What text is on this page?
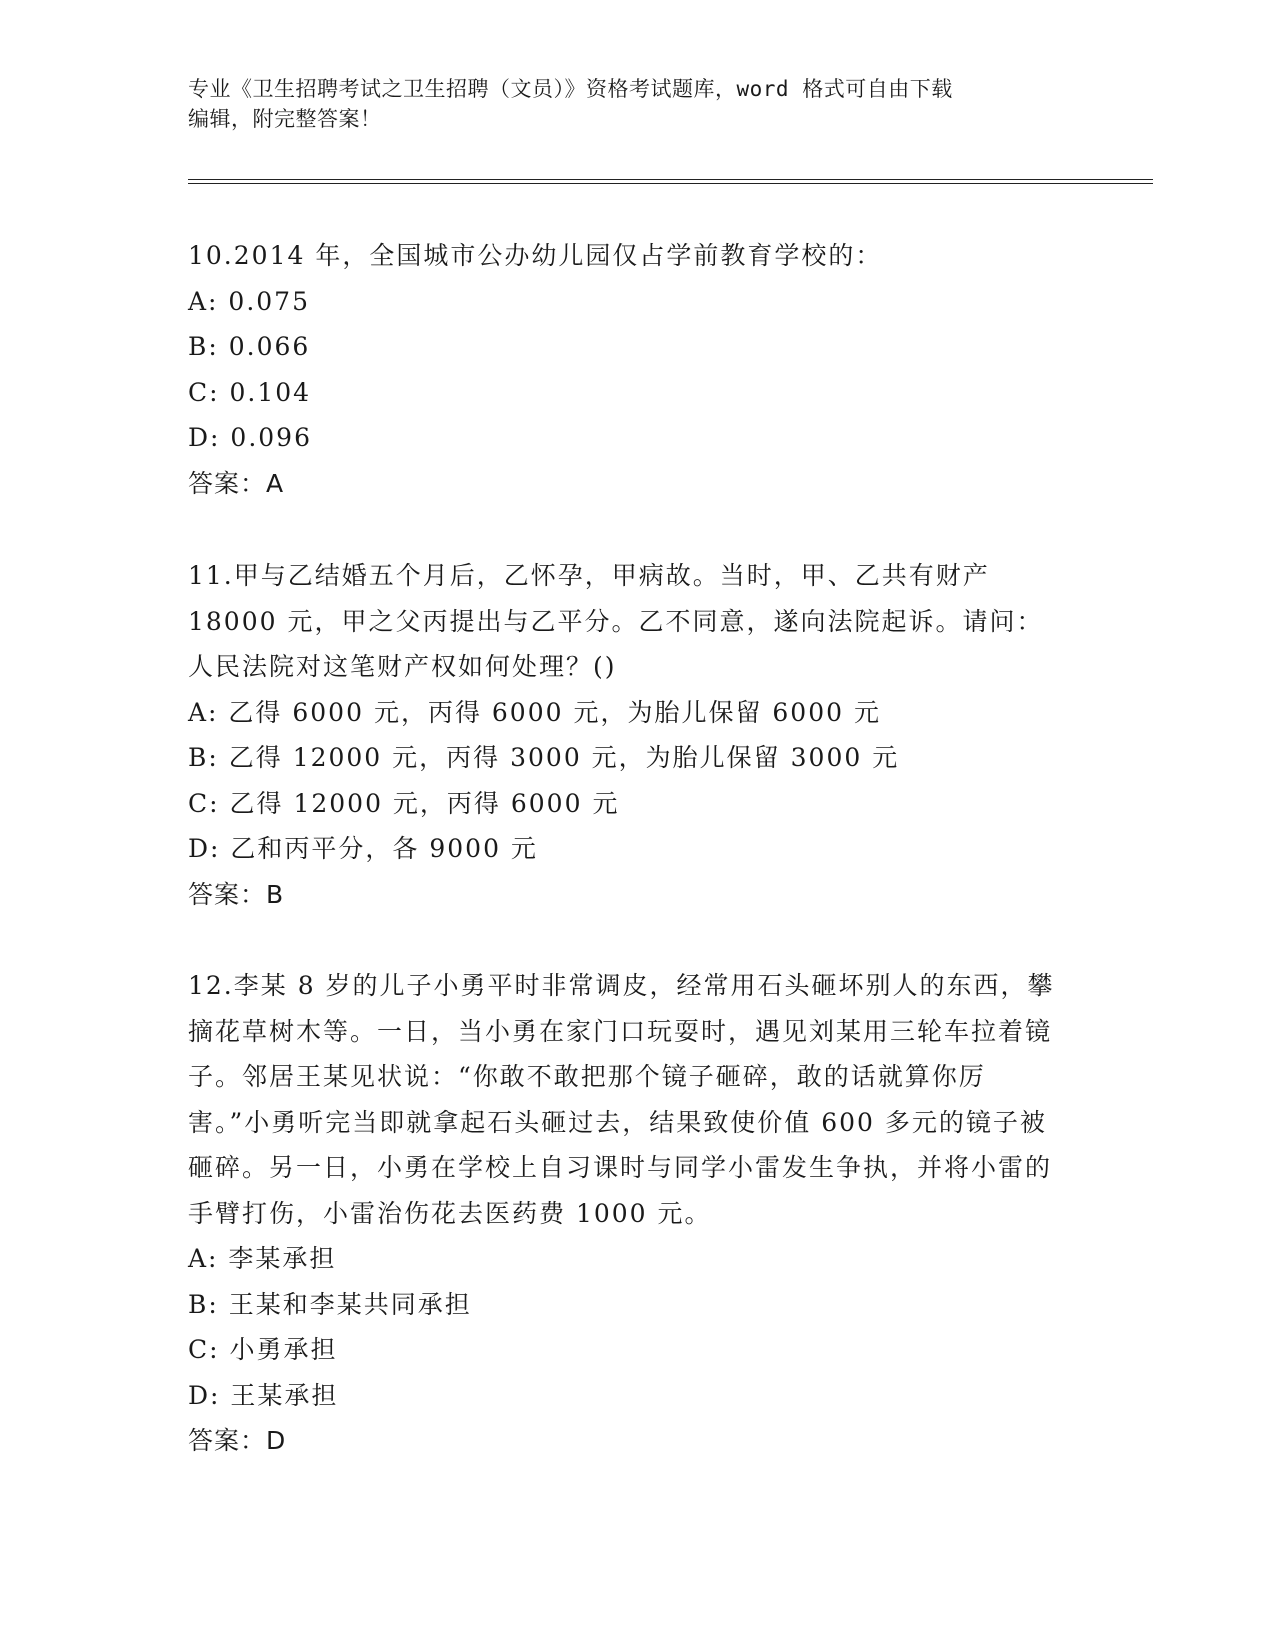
专业《卫生招聘考试之卫生招聘（文员）》资格考试题库，word 格式可自由下载
编辑，附完整答案！

10.2014 年，全国城市公办幼儿园仅占学前教育学校的：

A: 0.075

B: 0.066

C: 0.104

D: 0.096

答案：A

11.甲与乙结婚五个月后，乙怀孕，甲病故。当时，甲、乙共有财产18000 元，甲之父丙提出与乙平分。乙不同意，遂向法院起诉。请问：人民法院对这笔财产权如何处理？()

A: 乙得 6000 元，丙得 6000 元，为胎儿保留 6000 元

B: 乙得 12000 元，丙得 3000 元，为胎儿保留 3000 元

C: 乙得 12000 元，丙得 6000 元

D: 乙和丙平分，各 9000 元

答案：B

12.李某 8 岁的儿子小勇平时非常调皮，经常用石头砸坏别人的东西，攀摘花草树木等。一日，当小勇在家门口玩耍时，遇见刘某用三轮车拉着镜子。邻居王某见状说：“你敢不敢把那个镜子砸碎，敢的话就算你厉害。”小勇听完当即就拿起石头砸过去，结果致使价值 600 多元的镜子被砸碎。另一日，小勇在学校上自习课时与同学小雷发生争执，并将小雷的手臂打伤，小雷治伤花去医药费 1000 元。

A: 李某承担

B: 王某和李某共同承担

C: 小勇承担

D: 王某承担

答案：D
